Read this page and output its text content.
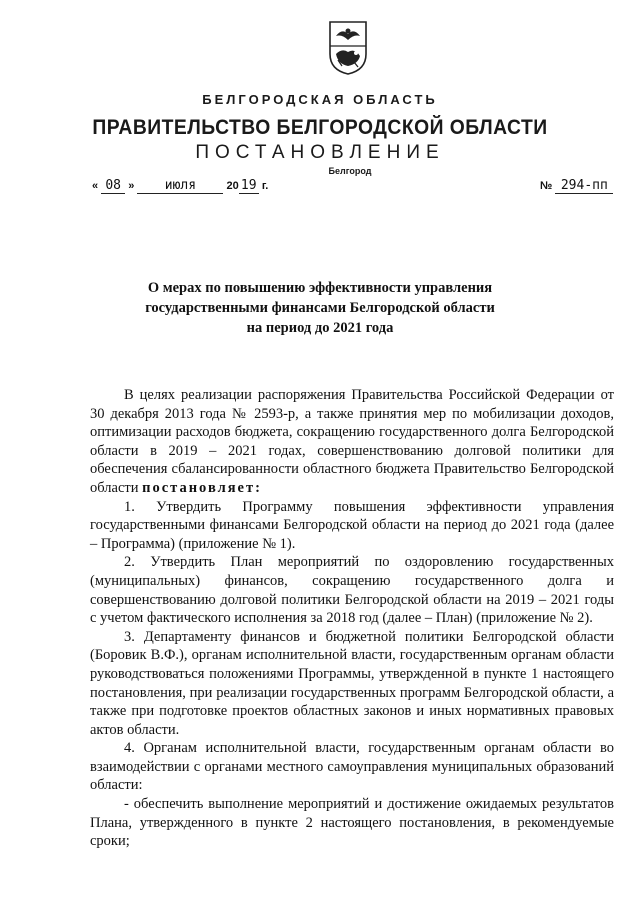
БЕЛГОРОДСКАЯ ОБЛАСТЬ
ПРАВИТЕЛЬСТВО БЕЛГОРОДСКОЙ ОБЛАСТИ
ПОСТАНОВЛЕНИЕ
Белгород
« 08 » июля	20 19 г.	№ 294-пп
О мерах по повышению эффективности управления
государственными финансами Белгородской области
на период до 2021 года

В целях реализации распоряжения Правительства Российской Федерации от 30 декабря 2013 года № 2593-р, а также принятия мер по мобилизации доходов, оптимизации расходов бюджета, сокращению государственного долга Белгородской области в 2019 – 2021 годах, совершенствованию долговой политики для обеспечения сбалансированности областного бюджета Правительство Белгородской области постановляет:

1. Утвердить Программу повышения эффективности управления государственными финансами Белгородской области на период до 2021 года (далее – Программа) (приложение № 1).

2. Утвердить План мероприятий по оздоровлению государственных (муниципальных) финансов, сокращению государственного долга и совершенствованию долговой политики Белгородской области на 2019 – 2021 годы с учетом фактического исполнения за 2018 год (далее – План) (приложение № 2).

3. Департаменту финансов и бюджетной политики Белгородской области (Боровик В.Ф.), органам исполнительной власти, государственным органам области руководствоваться положениями Программы, утвержденной в пункте 1 настоящего постановления, при реализации государственных программ Белгородской области, а также при подготовке проектов областных законов и иных нормативных правовых актов области.

4. Органам исполнительной власти, государственным органам области во взаимодействии с органами местного самоуправления муниципальных образований области:

- обеспечить выполнение мероприятий и достижение ожидаемых результатов Плана, утвержденного в пункте 2 настоящего постановления, в рекомендуемые сроки;
